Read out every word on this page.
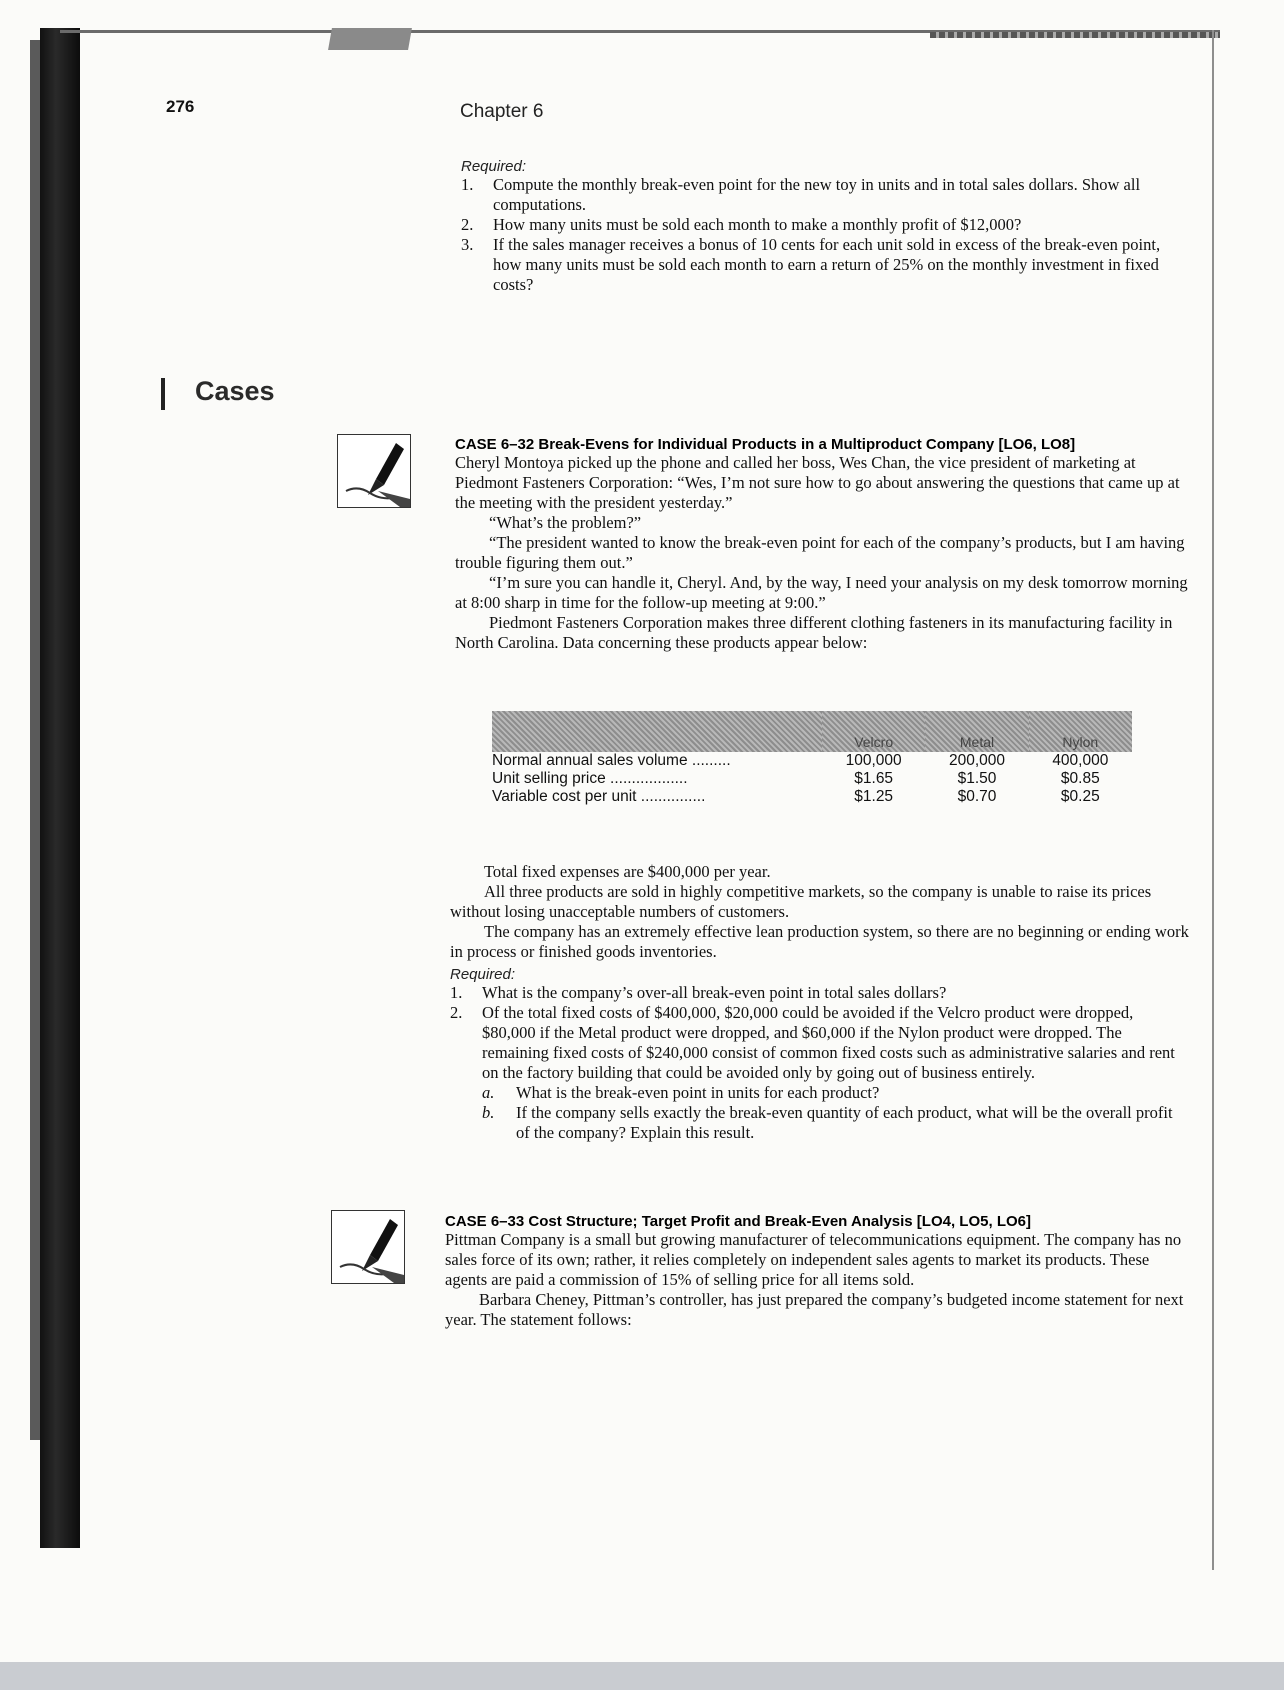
276	Chapter 6
Required:
1. Compute the monthly break-even point for the new toy in units and in total sales dollars. Show all computations.
2. How many units must be sold each month to make a monthly profit of $12,000?
3. If the sales manager receives a bonus of 10 cents for each unit sold in excess of the break-even point, how many units must be sold each month to earn a return of 25% on the monthly investment in fixed costs?
Cases
CASE 6–32 Break-Evens for Individual Products in a Multiproduct Company [LO6, LO8]
Cheryl Montoya picked up the phone and called her boss, Wes Chan, the vice president of marketing at Piedmont Fasteners Corporation: “Wes, I’m not sure how to go about answering the questions that came up at the meeting with the president yesterday.”
“What’s the problem?”
“The president wanted to know the break-even point for each of the company’s products, but I am having trouble figuring them out.”
“I’m sure you can handle it, Cheryl. And, by the way, I need your analysis on my desk tomorrow morning at 8:00 sharp in time for the follow-up meeting at 9:00.”
Piedmont Fasteners Corporation makes three different clothing fasteners in its manufacturing facility in North Carolina. Data concerning these products appear below:
	Velcro	Metal	Nylon
Normal annual sales volume .........	100,000	200,000	400,000
Unit selling price ..................	$1.65	$1.50	$0.85
Variable cost per unit ...............	$1.25	$0.70	$0.25
Total fixed expenses are $400,000 per year.
All three products are sold in highly competitive markets, so the company is unable to raise its prices without losing unacceptable numbers of customers.
The company has an extremely effective lean production system, so there are no beginning or ending work in process or finished goods inventories.
Required:
1. What is the company’s over-all break-even point in total sales dollars?
2. Of the total fixed costs of $400,000, $20,000 could be avoided if the Velcro product were dropped, $80,000 if the Metal product were dropped, and $60,000 if the Nylon product were dropped. The remaining fixed costs of $240,000 consist of common fixed costs such as administrative salaries and rent on the factory building that could be avoided only by going out of business entirely.
a. What is the break-even point in units for each product?
b. If the company sells exactly the break-even quantity of each product, what will be the overall profit of the company? Explain this result.
CASE 6–33 Cost Structure; Target Profit and Break-Even Analysis [LO4, LO5, LO6]
Pittman Company is a small but growing manufacturer of telecommunications equipment. The company has no sales force of its own; rather, it relies completely on independent sales agents to market its products. These agents are paid a commission of 15% of selling price for all items sold.
Barbara Cheney, Pittman’s controller, has just prepared the company’s budgeted income statement for next year. The statement follows:
